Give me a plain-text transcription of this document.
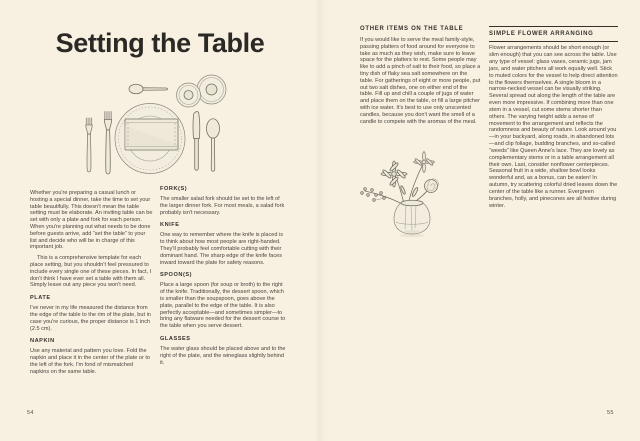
Setting the Table

Whether you're preparing a casual lunch or hosting a special dinner, take the time to set your table beautifully. This doesn't mean the table setting must be elaborate. An inviting table can be set with only a plate and fork for each person. When you're planning out what needs to be done before guests arrive, add “set the table” to your list and decide who will be in charge of this important job.

This is a comprehensive template for each place setting, but you shouldn't feel pressured to include every single one of these pieces. In fact, I don't think I have ever set a table with them all. Simply leave out any piece you won't need.

PLATE

I've never in my life measured the distance from the edge of the table to the rim of the plate, but in case you're curious, the proper distance is 1 inch (2.5 cm).

NAPKIN

Use any material and pattern you love. Fold the napkin and place it in the center of the plate or to the left of the fork. I'm fond of mismatched napkins on the same table.

FORK(S)

The smaller salad fork should be set to the left of the larger dinner fork. For most meals, a salad fork probably isn't necessary.

KNIFE

One way to remember where the knife is placed is to think about how most people are right-handed. They'll probably feel comfortable cutting with their dominant hand. The sharp edge of the knife faces inward toward the plate for safety reasons.

SPOON(S)

Place a large spoon (for soup or broth) to the right of the knife. Traditionally, the dessert spoon, which is smaller than the soupspoon, goes above the plate, parallel to the edge of the table. It is also perfectly acceptable—and sometimes simpler—to bring any flatware needed for the dessert course to the table when you serve dessert.

GLASSES

The water glass should be placed above and to the right of the plate, and the wineglass slightly behind it.

54
OTHER ITEMS ON THE TABLE

If you would like to serve the meal family-style, passing platters of food around for everyone to take as much as they wish, make sure to leave space for the platters to rest. Some people may like to add a pinch of salt to their food, so place a tiny dish of flaky sea salt somewhere on the table. For gatherings of eight or more people, put out two salt dishes, one on either end of the table. Fill up and chill a couple of jugs of water and place them on the table, or fill a large pitcher with ice water. It's best to use only unscented candles, because you don't want the smell of a candle to compete with the aromas of the meal.

SIMPLE FLOWER ARRANGING

Flower arrangements should be short enough (or slim enough) that you can see across the table. Use any type of vessel: glass vases, ceramic jugs, jam jars, and water pitchers all work equally well. Stick to muted colors for the vessel to help direct attention to the flowers themselves. A single bloom in a narrow-necked vessel can be visually striking. Several spread out along the length of the table are even more impressive. If combining more than one stem in a vessel, cut some stems shorter than others. The varying height adds a sense of movement to the arrangement and reflects the randomness and beauty of nature. Look around you—in your backyard, along roads, in abandoned lots—and clip foliage, budding branches, and so-called “weeds” like Queen Anne's lace. They are lovely as complementary stems or in a table arrangement all their own. Last, consider nonflower centerpieces. Seasonal fruit in a wide, shallow bowl looks wonderful and, as a bonus, can be eaten! In autumn, try scattering colorful dried leaves down the center of the table like a runner. Evergreen branches, holly, and pinecones are all festive during winter.

55
